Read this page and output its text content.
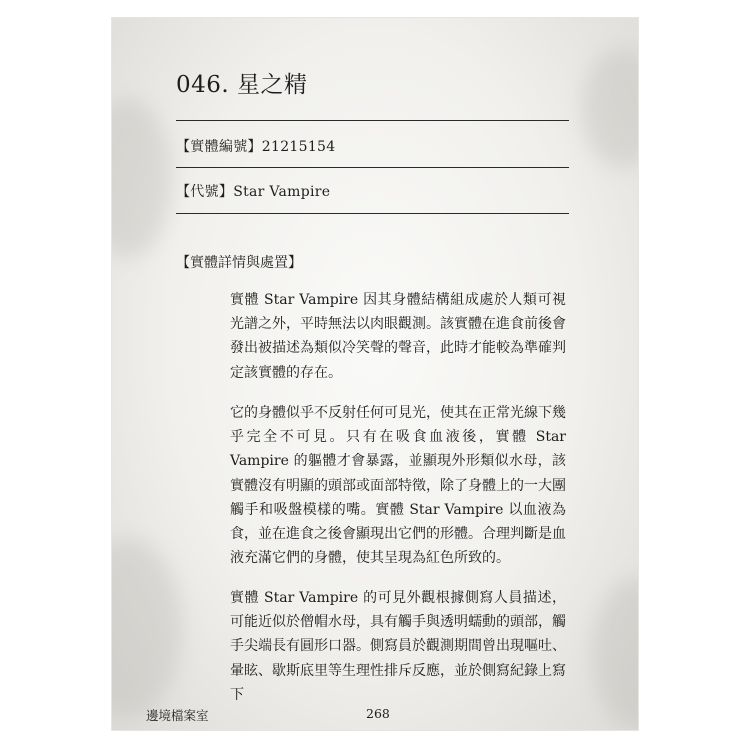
046. 星之精
【實體編號】21215154
【代號】Star Vampire
【實體詳情與處置】

實體 Star Vampire 因其身體結構組成處於人類可視光譜之外，平時無法以肉眼觀測。該實體在進食前後會發出被描述為類似冷笑聲的聲音，此時才能較為準確判定該實體的存在。

它的身體似乎不反射任何可見光，使其在正常光線下幾乎完全不可見。只有在吸食血液後，實體 Star Vampire 的軀體才會暴露，並顯現外形類似水母，該實體沒有明顯的頭部或面部特徵，除了身體上的一大團觸手和吸盤模樣的嘴。實體 Star Vampire 以血液為食，並在進食之後會顯現出它們的形體。合理判斷是血液充滿它們的身體，使其呈現為紅色所致的。

實體 Star Vampire 的可見外觀根據側寫人員描述，可能近似於僧帽水母，具有觸手與透明蠕動的頭部，觸手尖端長有圓形口器。側寫員於觀測期間曾出現嘔吐、暈眩、歇斯底里等生理性排斥反應，並於側寫紀錄上寫下

邊境檔案室	268
